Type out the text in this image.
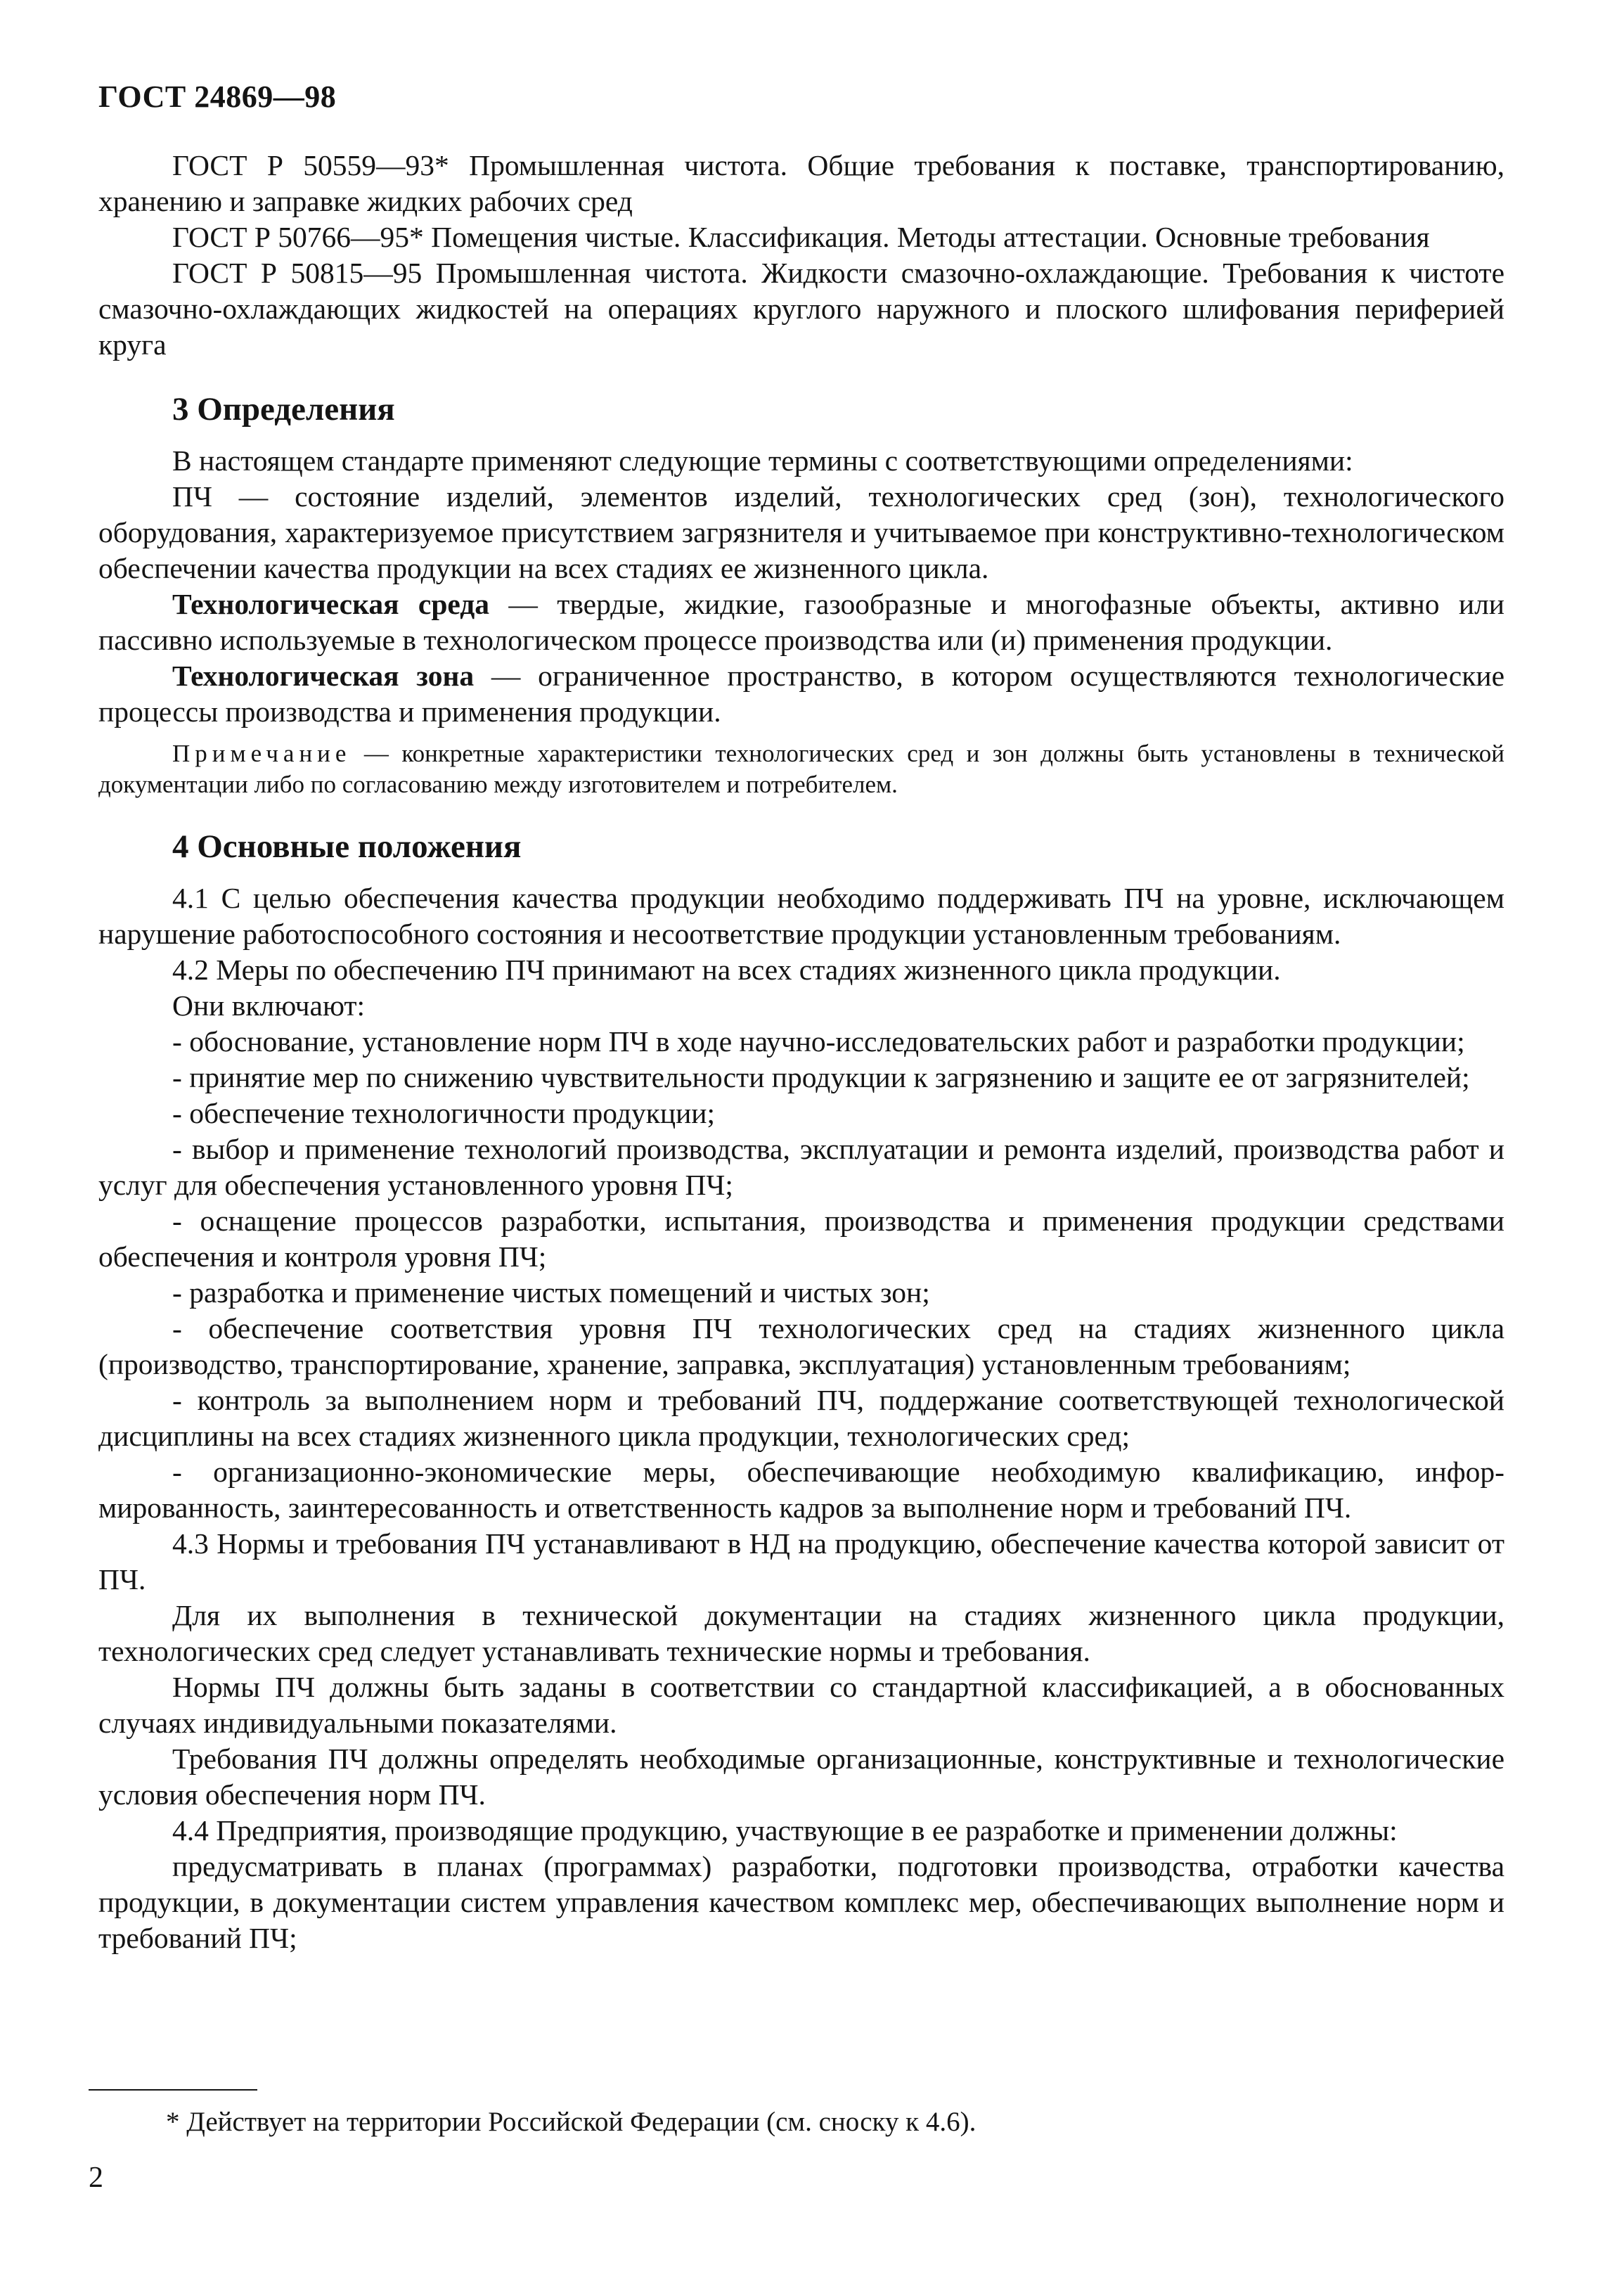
ГОСТ 24869—98

ГОСТ Р 50559—93* Промышленная чистота. Общие требования к поставке, транспортированию, хранению и заправке жидких рабочих сред

ГОСТ Р 50766—95* Помещения чистые. Классификация. Методы аттестации. Основные требования

ГОСТ Р 50815—95 Промышленная чистота. Жидкости смазочно-охлаждающие. Требования к чистоте смазочно-охлаждающих жидкостей на операциях круглого наружного и плоского шлифования периферией круга

3 Определения

В настоящем стандарте применяют следующие термины с соответствующими определениями:

ПЧ — состояние изделий, элементов изделий, технологических сред (зон), технологического оборудования, характеризуемое присутствием загрязнителя и учитываемое при конструктивно-технологическом обеспечении качества продукции на всех стадиях ее жизненного цикла.

Технологическая среда — твердые, жидкие, газообразные и многофазные объекты, активно или пассивно используемые в технологическом процессе производства или (и) применения продукции.

Технологическая зона — ограниченное пространство, в котором осуществляются технологические процессы производства и применения продукции.

Примечание — конкретные характеристики технологических сред и зон должны быть установлены в технической документации либо по согласованию между изготовителем и потребителем.

4 Основные положения

4.1 С целью обеспечения качества продукции необходимо поддерживать ПЧ на уровне, исключающем нарушение работоспособного состояния и несоответствие продукции установленным требованиям.

4.2 Меры по обеспечению ПЧ принимают на всех стадиях жизненного цикла продукции.

Они включают:

- обоснование, установление норм ПЧ в ходе научно-исследовательских работ и разработки продукции;

- принятие мер по снижению чувствительности продукции к загрязнению и защите ее от загрязнителей;

- обеспечение технологичности продукции;

- выбор и применение технологий производства, эксплуатации и ремонта изделий, производства работ и услуг для обеспечения установленного уровня ПЧ;

- оснащение процессов разработки, испытания, производства и применения продукции средствами обеспечения и контроля уровня ПЧ;

- разработка и применение чистых помещений и чистых зон;

- обеспечение соответствия уровня ПЧ технологических сред на стадиях жизненного цикла (производство, транспортирование, хранение, заправка, эксплуатация) установленным требованиям;

- контроль за выполнением норм и требований ПЧ, поддержание соответствующей технологической дисциплины на всех стадиях жизненного цикла продукции, технологических сред;

- организационно-экономические меры, обеспечивающие необходимую квалификацию, информированность, заинтересованность и ответственность кадров за выполнение норм и требований ПЧ.

4.3 Нормы и требования ПЧ устанавливают в НД на продукцию, обеспечение качества которой зависит от ПЧ.

Для их выполнения в технической документации на стадиях жизненного цикла продукции, технологических сред следует устанавливать технические нормы и требования.

Нормы ПЧ должны быть заданы в соответствии со стандартной классификацией, а в обоснованных случаях индивидуальными показателями.

Требования ПЧ должны определять необходимые организационные, конструктивные и технологические условия обеспечения норм ПЧ.

4.4 Предприятия, производящие продукцию, участвующие в ее разработке и применении должны:

предусматривать в планах (программах) разработки, подготовки производства, отработки качества продукции, в документации систем управления качеством комплекс мер, обеспечивающих выполнение норм и требований ПЧ;

* Действует на территории Российской Федерации (см. сноску к 4.6).
2
